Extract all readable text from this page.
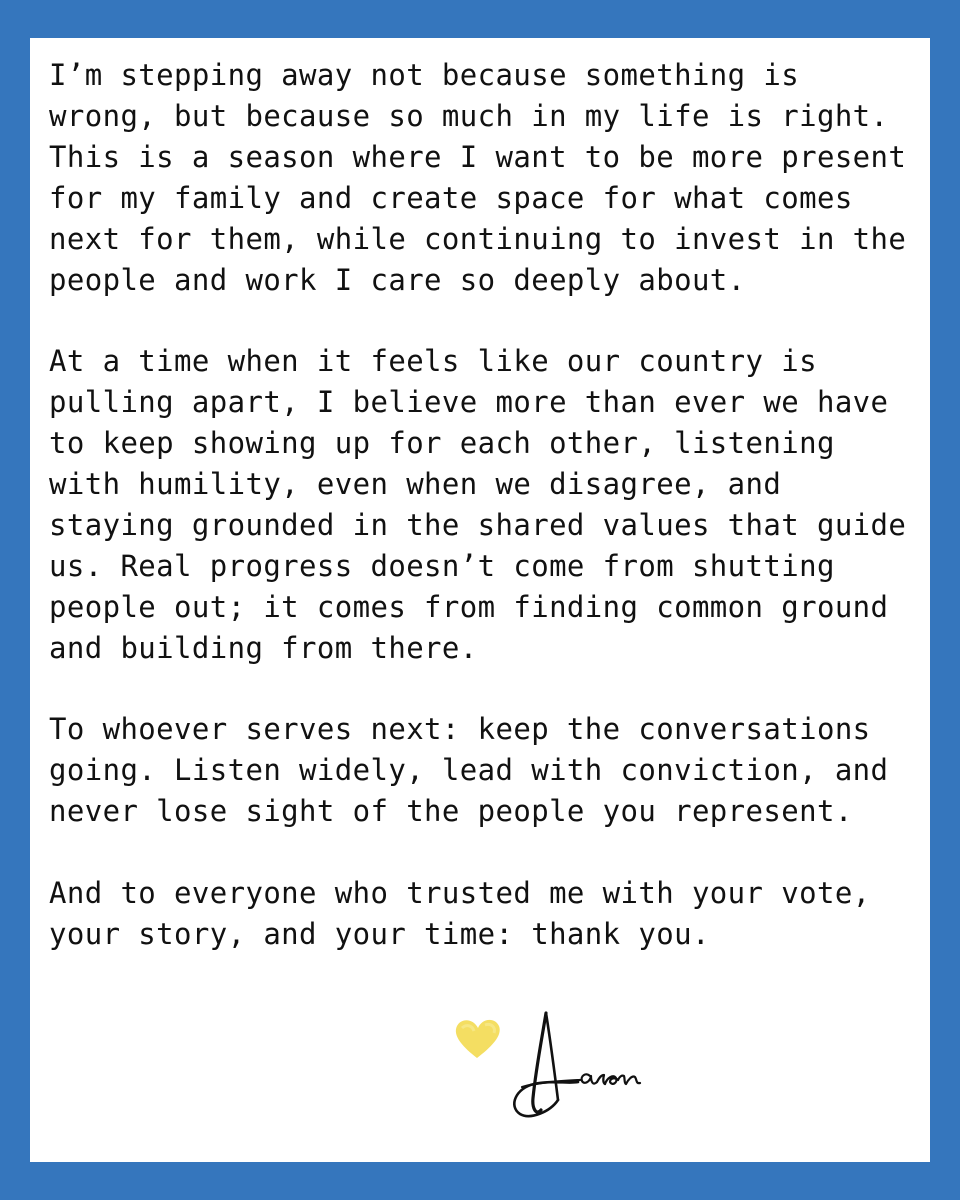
I’m stepping away not because something is
wrong, but because so much in my life is right.
This is a season where I want to be more present
for my family and create space for what comes
next for them, while continuing to invest in the
people and work I care so deeply about.

At a time when it feels like our country is
pulling apart, I believe more than ever we have
to keep showing up for each other, listening
with humility, even when we disagree, and
staying grounded in the shared values that guide
us. Real progress doesn’t come from shutting
people out; it comes from finding common ground
and building from there.

To whoever serves next: keep the conversations
going. Listen widely, lead with conviction, and
never lose sight of the people you represent.

And to everyone who trusted me with your vote,
your story, and your time: thank you.
